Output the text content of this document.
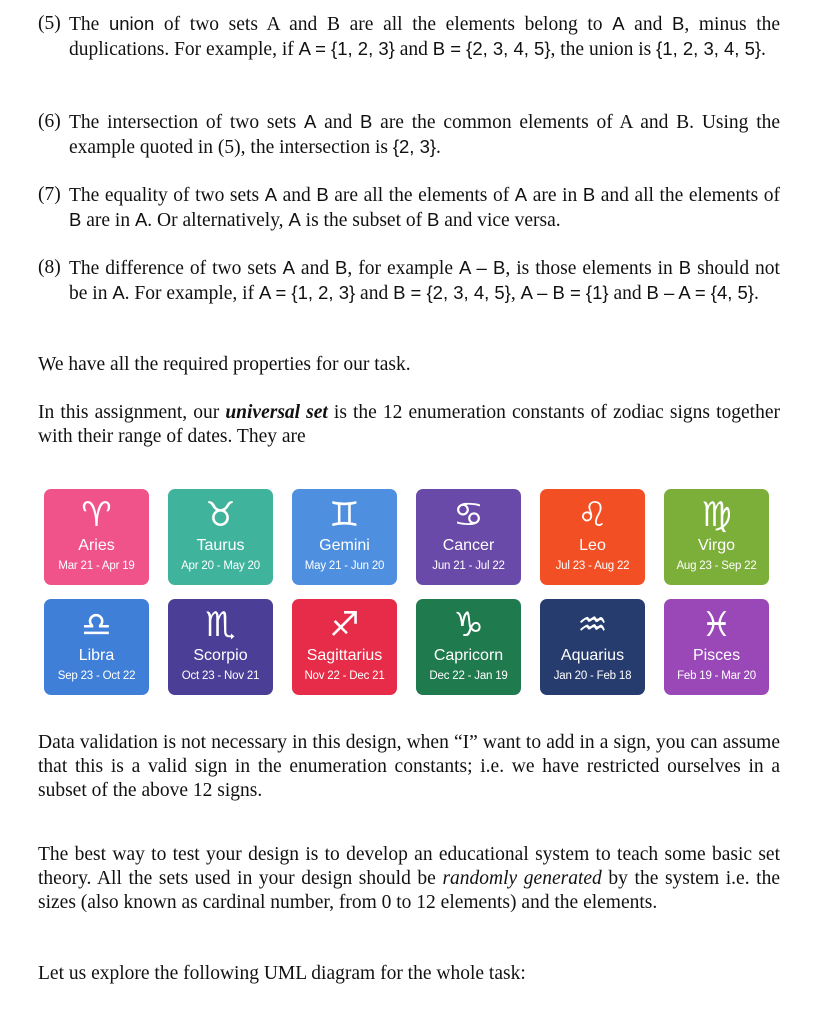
(5) The union of two sets A and B are all the elements belong to A and B, minus the duplications. For example, if A = {1, 2, 3} and B = {2, 3, 4, 5}, the union is {1, 2, 3, 4, 5}.
(6) The intersection of two sets A and B are the common elements of A and B. Using the example quoted in (5), the intersection is {2, 3}.
(7) The equality of two sets A and B are all the elements of A are in B and all the elements of B are in A. Or alternatively, A is the subset of B and vice versa.
(8) The difference of two sets A and B, for example A – B, is those elements in B should not be in A. For example, if A = {1, 2, 3} and B = {2, 3, 4, 5}, A – B = {1} and B – A = {4, 5}.
We have all the required properties for our task.
In this assignment, our universal set is the 12 enumeration constants of zodiac signs together with their range of dates. They are
♈
Aries
Mar 21 - Apr 19
♉
Taurus
Apr 20 - May 20
♊
Gemini
May 21 - Jun 20
♋
Cancer
Jun 21 - Jul 22
♌
Leo
Jul 23 - Aug 22
♍
Virgo
Aug 23 - Sep 22
♎
Libra
Sep 23 - Oct 22
♏
Scorpio
Oct 23 - Nov 21
♐
Sagittarius
Nov 22 - Dec 21
♑
Capricorn
Dec 22 - Jan 19
♒
Aquarius
Jan 20 - Feb 18
♓
Pisces
Feb 19 - Mar 20
Data validation is not necessary in this design, when “I” want to add in a sign, you can assume that this is a valid sign in the enumeration constants; i.e. we have restricted ourselves in a subset of the above 12 signs.
The best way to test your design is to develop an educational system to teach some basic set theory. All the sets used in your design should be randomly generated by the system i.e. the sizes (also known as cardinal number, from 0 to 12 elements) and the elements.
Let us explore the following UML diagram for the whole task:
